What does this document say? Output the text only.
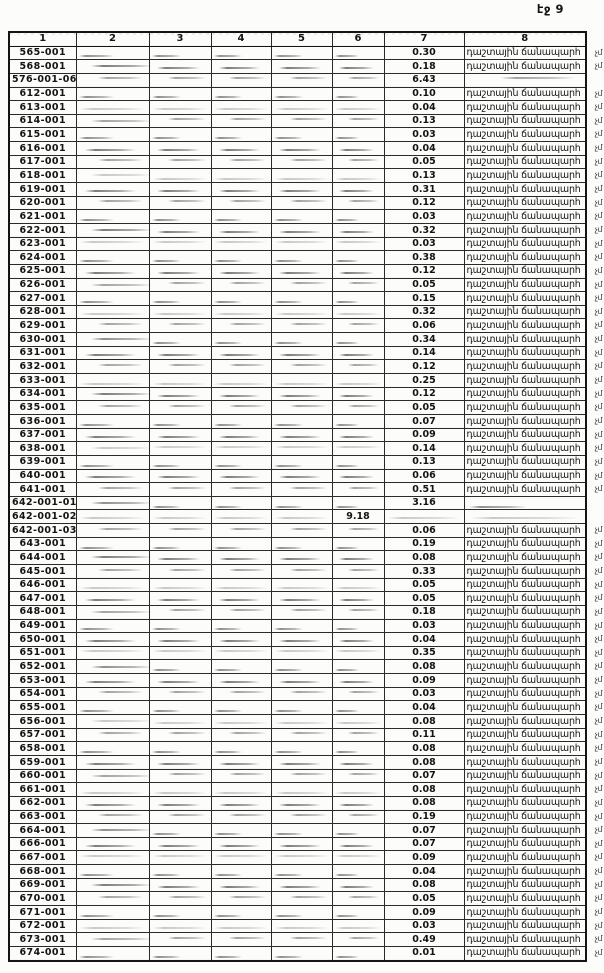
էջ 9
1	2	3	4	5	6	7	8
565-001						0.30	դաշտային ճանապարհ չմ

568-001						0.18	դաշտային ճանապարհ չմ

576-001-06						6.43	
612-001						0.10	դաշտային ճանապարհ չմ

613-001						0.04	դաշտային ճանապարհ չմ

614-001						0.13	դաշտային ճանապարհ չմ

615-001						0.03	դաշտային ճանապարհ չմ

616-001						0.04	դաշտային ճանապարհ չմ

617-001						0.05	դաշտային ճանապարհ չմ

618-001						0.13	դաշտային ճանապարհ չմ

619-001						0.31	դաշտային ճանապարհ չմ

620-001						0.12	դաշտային ճանապարհ չմ

621-001						0.03	դաշտային ճանապարհ չմ

622-001						0.32	դաշտային ճանապարհ չմ

623-001						0.03	դաշտային ճանապարհ չմ

624-001						0.38	դաշտային ճանապարհ չմ

625-001						0.12	դաշտային ճանապարհ չմ

626-001						0.05	դաշտային ճանապարհ չմ

627-001						0.15	դաշտային ճանապարհ չմ

628-001						0.32	դաշտային ճանապարհ չմ

629-001						0.06	դաշտային ճանապարհ չմ

630-001						0.34	դաշտային ճանապարհ չմ

631-001						0.14	դաշտային ճանապարհ չմ

632-001						0.12	դաշտային ճանապարհ չմ

633-001						0.25	դաշտային ճանապարհ չմ

634-001						0.12	դաշտային ճանապարհ չմ

635-001						0.05	դաշտային ճանապարհ չմ

636-001						0.07	դաշտային ճանապարհ չմ

637-001						0.09	դաշտային ճանապարհ չմ

638-001						0.14	դաշտային ճանապարհ չմ

639-001						0.13	դաշտային ճանապարհ չմ

640-001						0.06	դաշտային ճանապարհ չմ

641-001						0.51	դաշտային ճանապարհ չմ

642-001-01						3.16	
642-001-02					9.18		
642-001-03						0.06	դաշտային ճանապարհ չմ

643-001						0.19	դաշտային ճանապարհ չմ

644-001						0.08	դաշտային ճանապարհ չմ

645-001						0.33	դաշտային ճանապարհ չմ

646-001						0.05	դաշտային ճանապարհ չմ

647-001						0.05	դաշտային ճանապարհ չմ

648-001						0.18	դաշտային ճանապարհ չմ

649-001						0.03	դաշտային ճանապարհ չմ

650-001						0.04	դաշտային ճանապարհ չմ

651-001						0.35	դաշտային ճանապարհ չմ

652-001						0.08	դաշտային ճանապարհ չմ

653-001						0.09	դաշտային ճանապարհ չմ

654-001						0.03	դաշտային ճանապարհ չմ

655-001						0.04	դաշտային ճանապարհ չմ

656-001						0.08	դաշտային ճանապարհ չմ

657-001						0.11	դաշտային ճանապարհ չմ

658-001						0.08	դաշտային ճանապարհ չմ

659-001						0.08	դաշտային ճանապարհ չմ

660-001						0.07	դաշտային ճանապարհ չմ

661-001						0.08	դաշտային ճանապարհ չմ

662-001						0.08	դաշտային ճանապարհ չմ

663-001						0.19	դաշտային ճանապարհ չմ

664-001						0.07	դաշտային ճանապարհ չմ

666-001						0.07	դաշտային ճանապարհ չմ

667-001						0.09	դաշտային ճանապարհ չմ

668-001						0.04	դաշտային ճանապարհ չմ

669-001						0.08	դաշտային ճանապարհ չմ

670-001						0.05	դաշտային ճանապարհ չմ

671-001						0.09	դաշտային ճանապարհ չմ

672-001						0.03	դաշտային ճանապարհ չմ

673-001						0.49	դաշտային ճանապարհ չմ

674-001						0.01	դաշտային ճանապարհ չմ
